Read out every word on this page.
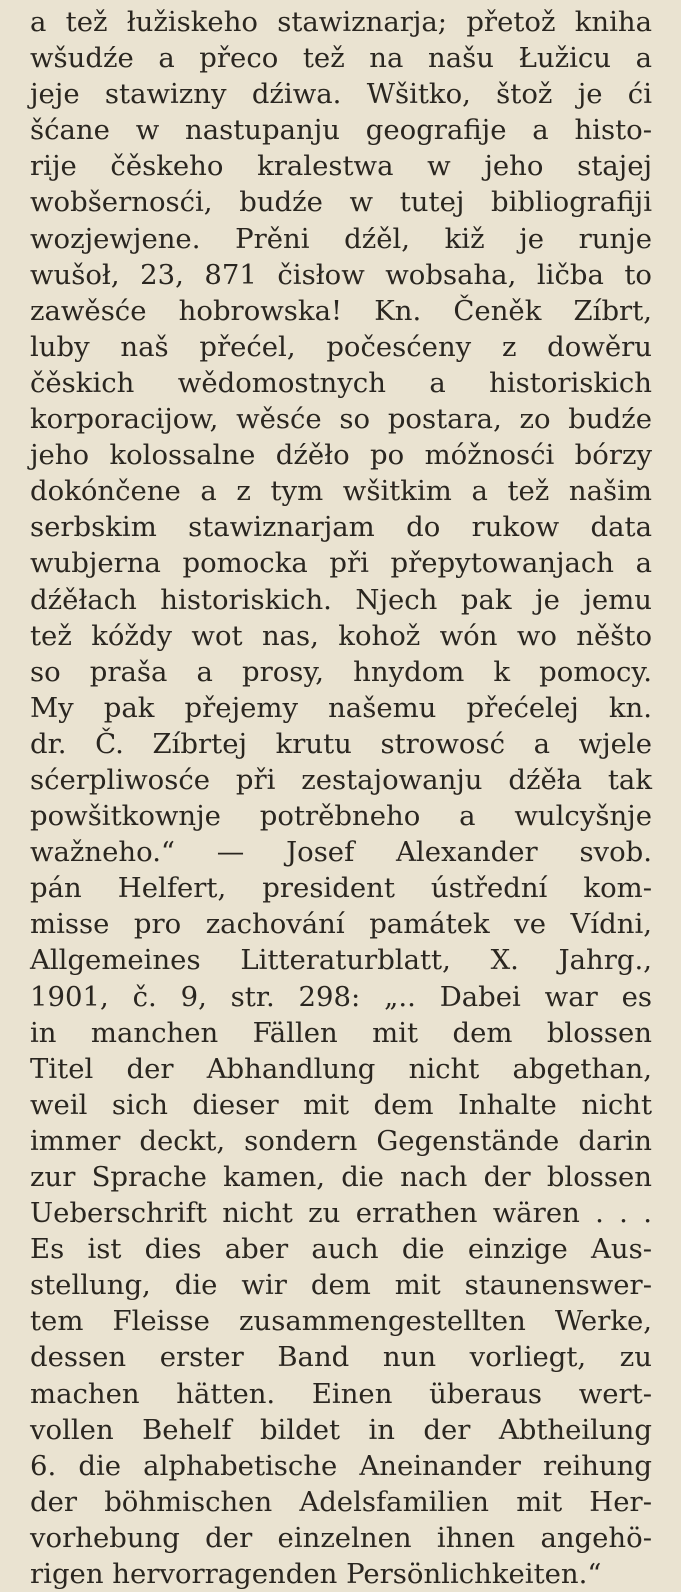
a tež łužiskeho stawiznarja; přetož kniha
wšudźe a přeco tež na našu Łužicu a
jeje stawizny dźiwa. Wšitko, štož je ći
šćane w nastupanju geografije a histo-
rije čěskeho kralestwa w jeho stajej
wobšernosći, budźe w tutej bibliografiji
wozjewjene. Prěni dźěl, kiž je runje
wušoł, 23, 871 čisłow wobsaha, ličba to
zawěsće hobrowska! Kn. Čeněk Zíbrt,
luby naš přećel, počesćeny z dowěru
čěskich wědomostnych a historiskich
korporacijow, wěsće so postara, zo budźe
jeho kolossalne dźěło po móžnosći bórzy
dokónčene a z tym wšitkim a tež našim
serbskim stawiznarjam do rukow data
wubjerna pomocka při přepytowanjach a
dźěłach historiskich. Njech pak je jemu
tež kóždy wot nas, kohož wón wo něšto
so praša a prosy, hnydom k pomocy.
My pak přejemy našemu přećelej kn.
dr. Č. Zíbrtej krutu strowosć a wjele
sćerpliwosće při zestajowanju dźěła tak
powšitkownje potrěbneho a wulcyšnje
wažneho.“ — Josef Alexander svob.
pán Helfert, president ústřední kom-
misse pro zachování památek ve Vídni,
Allgemeines Litteraturblatt, X. Jahrg.,
1901, č. 9, str. 298: „.. Dabei war es
in manchen Fällen mit dem blossen
Titel der Abhandlung nicht abgethan,
weil sich dieser mit dem Inhalte nicht
immer deckt, sondern Gegenstände darin
zur Sprache kamen, die nach der blossen
Ueberschrift nicht zu errathen wären . . .
Es ist dies aber auch die einzige Aus-
stellung, die wir dem mit staunenswer-
tem Fleisse zusammengestellten Werke,
dessen erster Band nun vorliegt, zu
machen hätten. Einen überaus wert-
vollen Behelf bildet in der Abtheilung
6. die alphabetische Aneinander reihung
der böhmischen Adelsfamilien mit Her-
vorhebung der einzelnen ihnen angehö-
rigen hervorragenden Persönlichkeiten.“
